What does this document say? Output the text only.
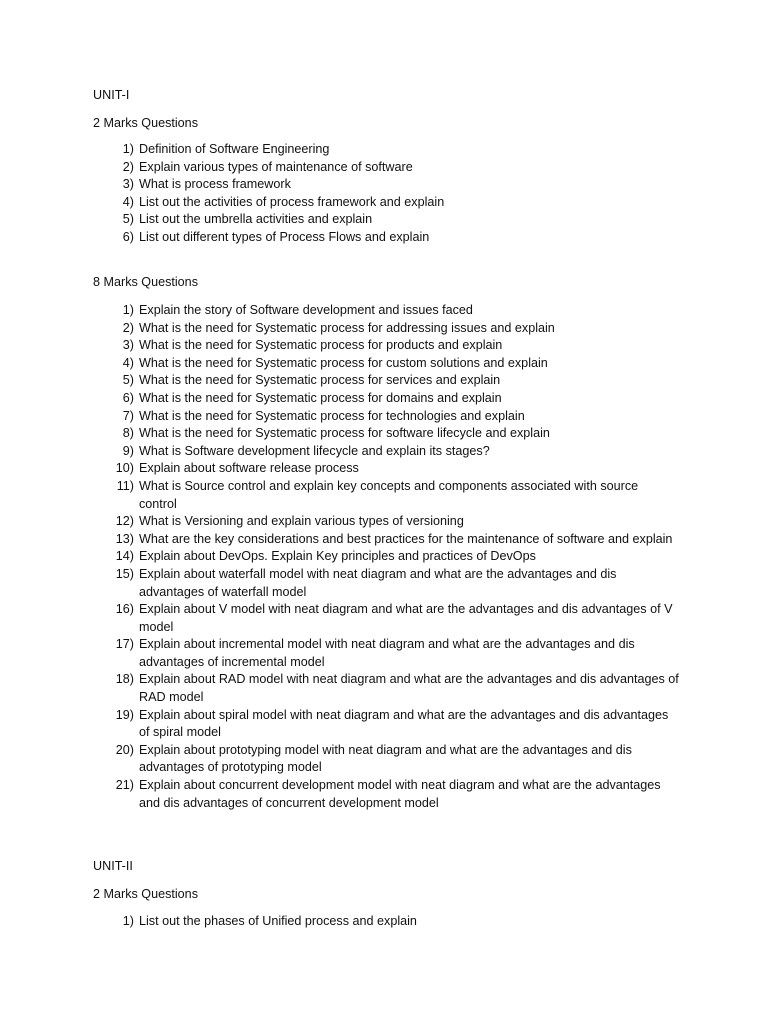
UNIT-I
2 Marks Questions
1) Definition of Software Engineering
2) Explain various types of maintenance of software
3) What is process framework
4) List out the activities of process framework and explain
5) List out the umbrella activities and explain
6) List out different types of Process Flows and explain
8 Marks Questions
1) Explain the story of Software development and issues faced
2) What is the need for Systematic process for addressing issues and explain
3) What is the need for Systematic process for products and explain
4) What is the need for Systematic process for custom solutions and explain
5) What is the need for Systematic process for services and explain
6) What is the need for Systematic process for domains and explain
7) What is the need for Systematic process for technologies and explain
8) What is the need for Systematic process for software lifecycle and explain
9) What is Software development lifecycle and explain its stages?
10) Explain about software release process
11) What is Source control and explain key concepts and components associated with source control
12) What is Versioning and explain various types of versioning
13) What are the key considerations and best practices for the maintenance of software and explain
14) Explain about DevOps. Explain Key principles and practices of DevOps
15) Explain about waterfall model with neat diagram and what are the advantages and dis advantages of waterfall model
16) Explain about V model with neat diagram and what are the advantages and dis advantages of V model
17) Explain about incremental model with neat diagram and what are the advantages and dis advantages of incremental model
18) Explain about RAD model with neat diagram and what are the advantages and dis advantages of RAD model
19) Explain about spiral model with neat diagram and what are the advantages and dis advantages of spiral model
20) Explain about prototyping model with neat diagram and what are the advantages and dis advantages of prototyping model
21) Explain about concurrent development model with neat diagram and what are the advantages and dis advantages of concurrent development model
UNIT-II
2 Marks Questions
1) List out the phases of Unified process and explain
